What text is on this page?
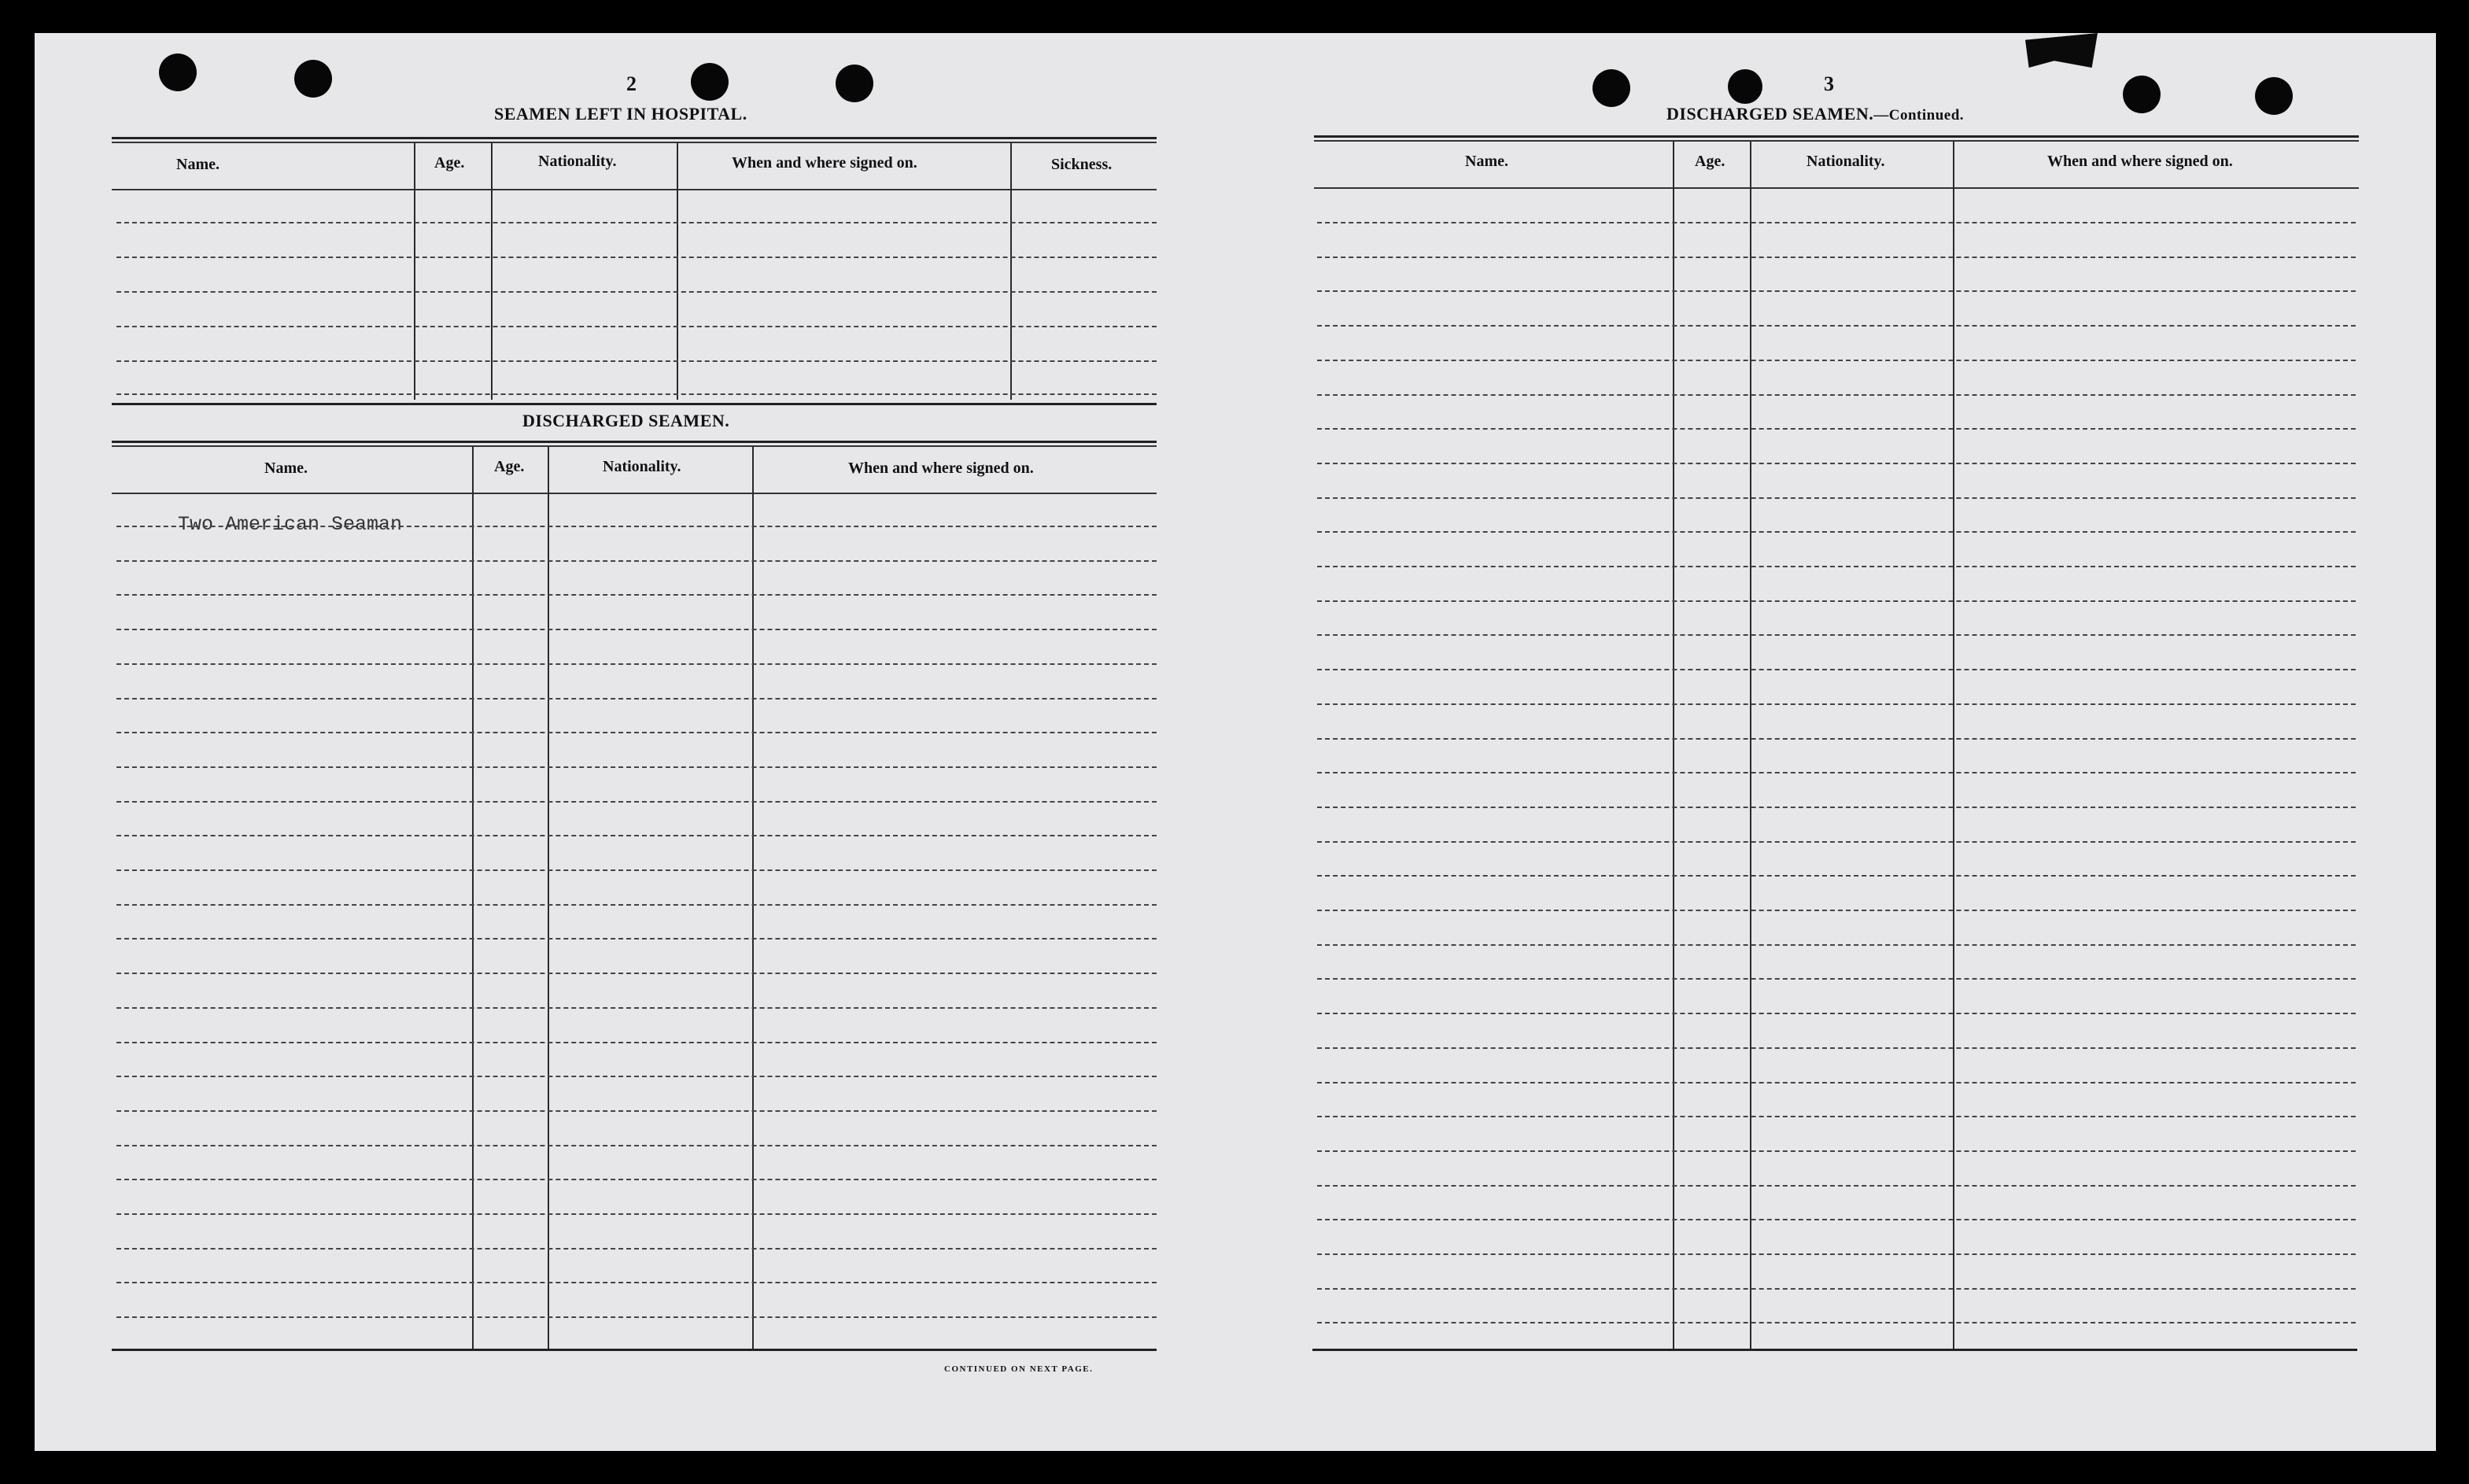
2
SEAMEN LEFT IN HOSPITAL.
Name.	Age.	Nationality.	When and where signed on.	Sickness.
DISCHARGED SEAMEN.
Name.	Age.	Nationality.	When and where signed on.
Two American Seaman
CONTINUED ON NEXT PAGE.
3
DISCHARGED SEAMEN.—Continued.
Name.	Age.	Nationality.	When and where signed on.
